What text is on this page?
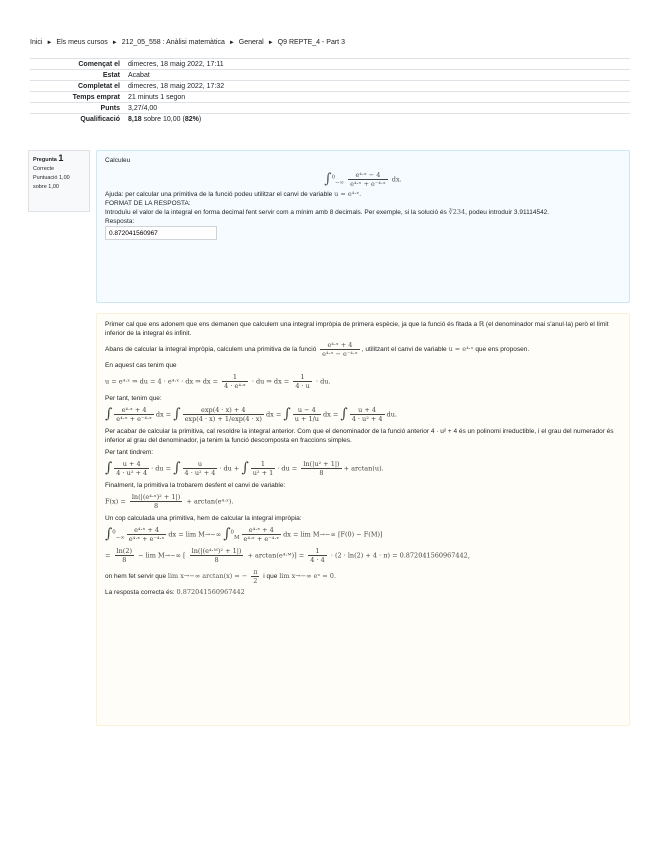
Inici ► Els meus cursos ► 212_05_558 : Anàlisi matemàtica ► General ► Q9 REPTE_4 - Part 3
Començat el	dimecres, 18 maig 2022, 17:11
Estat	Acabat
Completat el	dimecres, 18 maig 2022, 17:32
Temps emprat	21 minuts 1 segon
Punts	3,27/4,00
Qualificació	8,18 sobre 10,00 (82%)
Pregunta 1
Correcte
Puntuació 1,00
sobre 1,00

Calculeu

$\int^0_{-\infty} \frac{\text{e⁴·ˣ − 4}}{\text{e⁴·ˣ + e⁻⁴·ˣ}}$ dx.

Ajuda: per calcular una primitiva de la funció podeu utilitzar el canvi de variable u = e⁴·ˣ.

FORMAT DE LA RESPOSTA:

Introduïu el valor de la integral en forma decimal fent servir com a mínim amb 8 decimals. Per exemple, si la solució és ∛234, podeu introduir 3.91114542.

Resposta:

0.872041560967

Primer cal que ens adonem que ens demanen que calculem una integral impròpia de primera espècie, ja que la funció és fitada a ℝ (el denominador mai s'anul·la) però el límit inferior de la integral és infinit.

Abans de calcular la integral impròpia, calculem una primitiva de la funció $\frac{\text{e⁴·ˣ + 4}}{\text{e⁴·ˣ − e⁻⁴·ˣ}}$ , utilitzant el canvi de variable u = e⁴·ˣ que ens proposen.

En aquest cas tenim que

u = e⁴·ˣ ⇒ du = 4 · e⁴·ˣ · dx ⇒ dx = $\frac{1}{\text{4 · e⁴·ˣ}}$ · du ⇒ dx = $\frac{1}{4 \cdot u}$ · du.

Per tant, tenim que:

∫ $\frac{\text{e⁴·ˣ + 4}}{\text{e⁴·ˣ + e⁻⁴·ˣ}}$ dx = ∫ $\frac{\exp(4 \cdot x) + 4}{\exp(4 \cdot x) + 1/\exp(4 \cdot x)}$ dx = ∫ $\frac{u - 4}{u + 1/u}$ dx = ∫ $\frac{u + 4}{\text{4 · u² + 4}}$ du.

Per acabar de calcular la primitiva, cal resoldre la integral anterior. Com que el denominador de la funció anterior 4 · u² + 4 és un polinomi irreductible, i el grau del numerador és inferior al grau del denominador, ja tenim la funció descomposta en fraccions simples.

Per tant tindrem:

∫ $\frac{u + 4}{\text{4 · u² + 4}}$ · du = ∫ $\frac{u}{\text{4 · u² + 4}}$ · du + ∫ $\frac{1}{\text{u² + 1}}$ · du = $\frac{\text{ln(|u² + 1|)}}{8} + \arctan(u)$.

Finalment, la primitiva la trobarem desfent el canvi de variable:

$F(x) = \frac{\text{ln(|(e⁴·ˣ)² + 1|)}}{8}$ + arctan(e⁴·ˣ).

Un cop calculada una primitiva, hem de calcular la integral impròpia:

$\int^0_{-\infty} \frac{\text{e⁴·ˣ + 4}}{\text{e⁴·ˣ + e⁻⁴·ˣ}}$ dx = lim M→−∞ $\int^0_M \frac{\text{e⁴·ˣ + 4}}{\text{e⁴·ˣ + e⁻⁴·ˣ}}$ dx = lim M→−∞ [F(0) − F(M)]
= $\frac{\ln(2)}{8} - \lim M\to-\infty$ [ $\frac{\text{ln(|(e⁴·ᴹ)² + 1|)}}{8}$ + arctan(e⁴·ᴹ)] = $\frac{1}{4 \cdot 4} \cdot (2 \cdot \ln(2) + 4 \cdot \pi) = 0.872041560967442$,

on hem fet servir que lim x→−∞ arctan(x) = − $\frac{\pi}{2}$ i que lim x→−∞ eˣ = 0.

La resposta correcta és: 0.872041560967442
